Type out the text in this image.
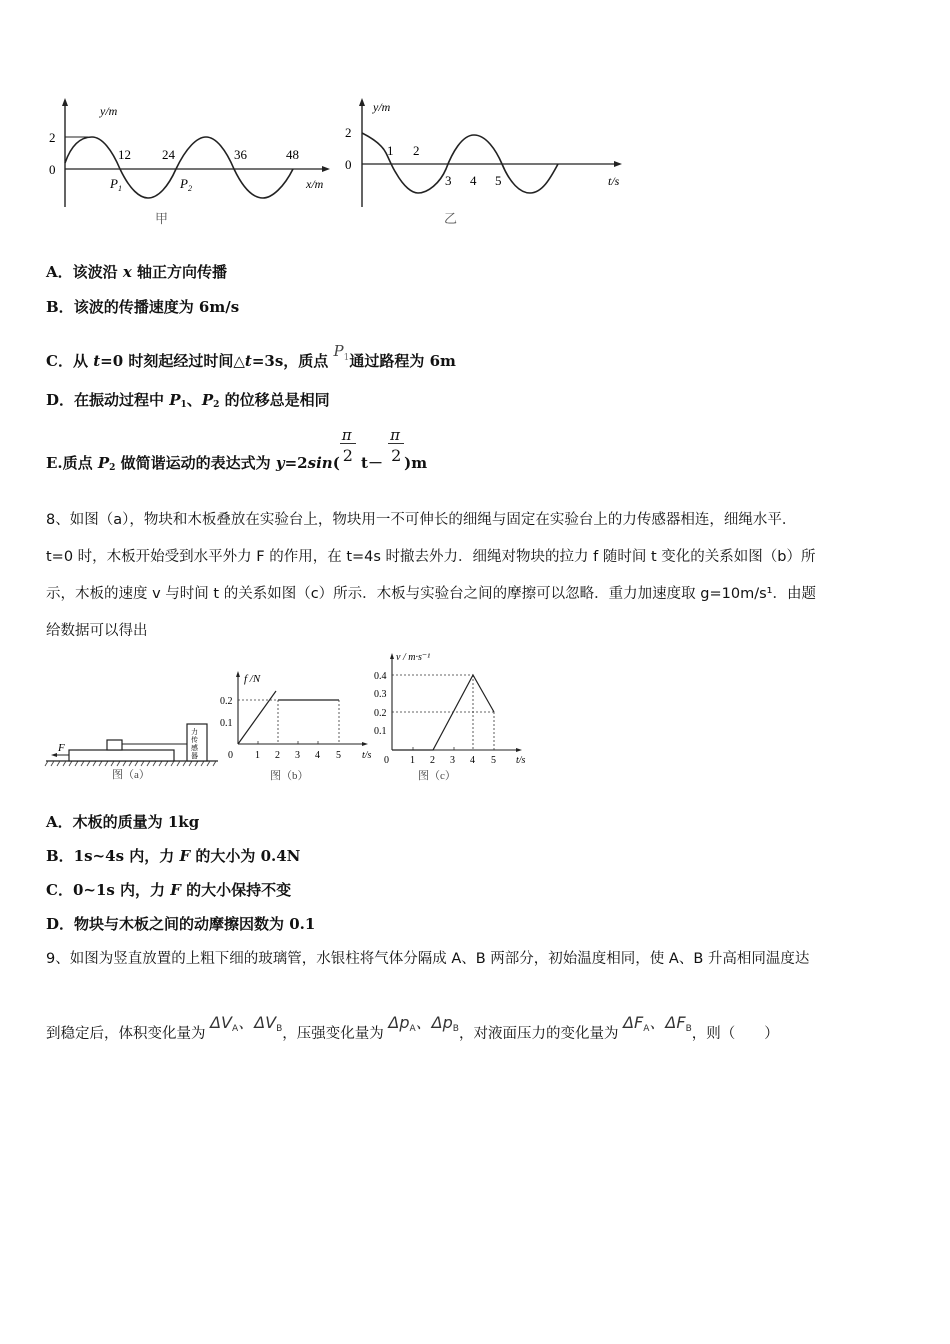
y/m
2
0
12 24	36	48
$P_1$	$P_2$	x/m
甲
y/m
2
0
1 2
3 4 5	t/s
乙
A．该波沿 x 轴正方向传播
B．该波的传播速度为 6m/s
C．从 t=0 时刻起经过时间△t=3s，质点 $P^1$通过路程为 6m
D．在振动过程中 $P_1$、$P_2$ 的位移总是相同
E.质点 $P_2$ 做简谐运动的表达式为 $y=2\sin( \frac{\pi}{2} t- \frac{\pi}{2} )m$
8、如图（a），物块和木板叠放在实验台上，物块用一不可伸长的细绳与固定在实验台上的力传感器相连，细绳水平．
t=0 时，木板开始受到水平外力 F 的作用，在 t=4s 时撤去外力．细绳对物块的拉力 f 随时间 t 变化的关系如图（b）所
示，木板的速度 v 与时间 t 的关系如图（c）所示．木板与实验台之间的摩擦可以忽略．重力加速度取 g=10m/s¹．由题
给数据可以得出
力
传
感
器
F
图（a）
f /N
0.2
0.1
0 1 2 3 4 5 t/s
图（b）
v / m·s⁻¹
0.4
0.3
0.2
0.1
0 1 2 3 4 5 t/s
图（c）
A．木板的质量为 1kg
B．1s~4s 内，力 F 的大小为 0.4N
C．0~1s 内，力 F 的大小保持不变
D．物块与木板之间的动摩擦因数为 0.1
9、如图为竖直放置的上粗下细的玻璃管，水银柱将气体分隔成 A、B 两部分，初始温度相同，使 A、B 升高相同温度达
到稳定后，体积变化量为 ΔVA、ΔVB，压强变化量为 ΔpA、ΔpB，对液面压力的变化量为 ΔFA、ΔFB，则（　　）
